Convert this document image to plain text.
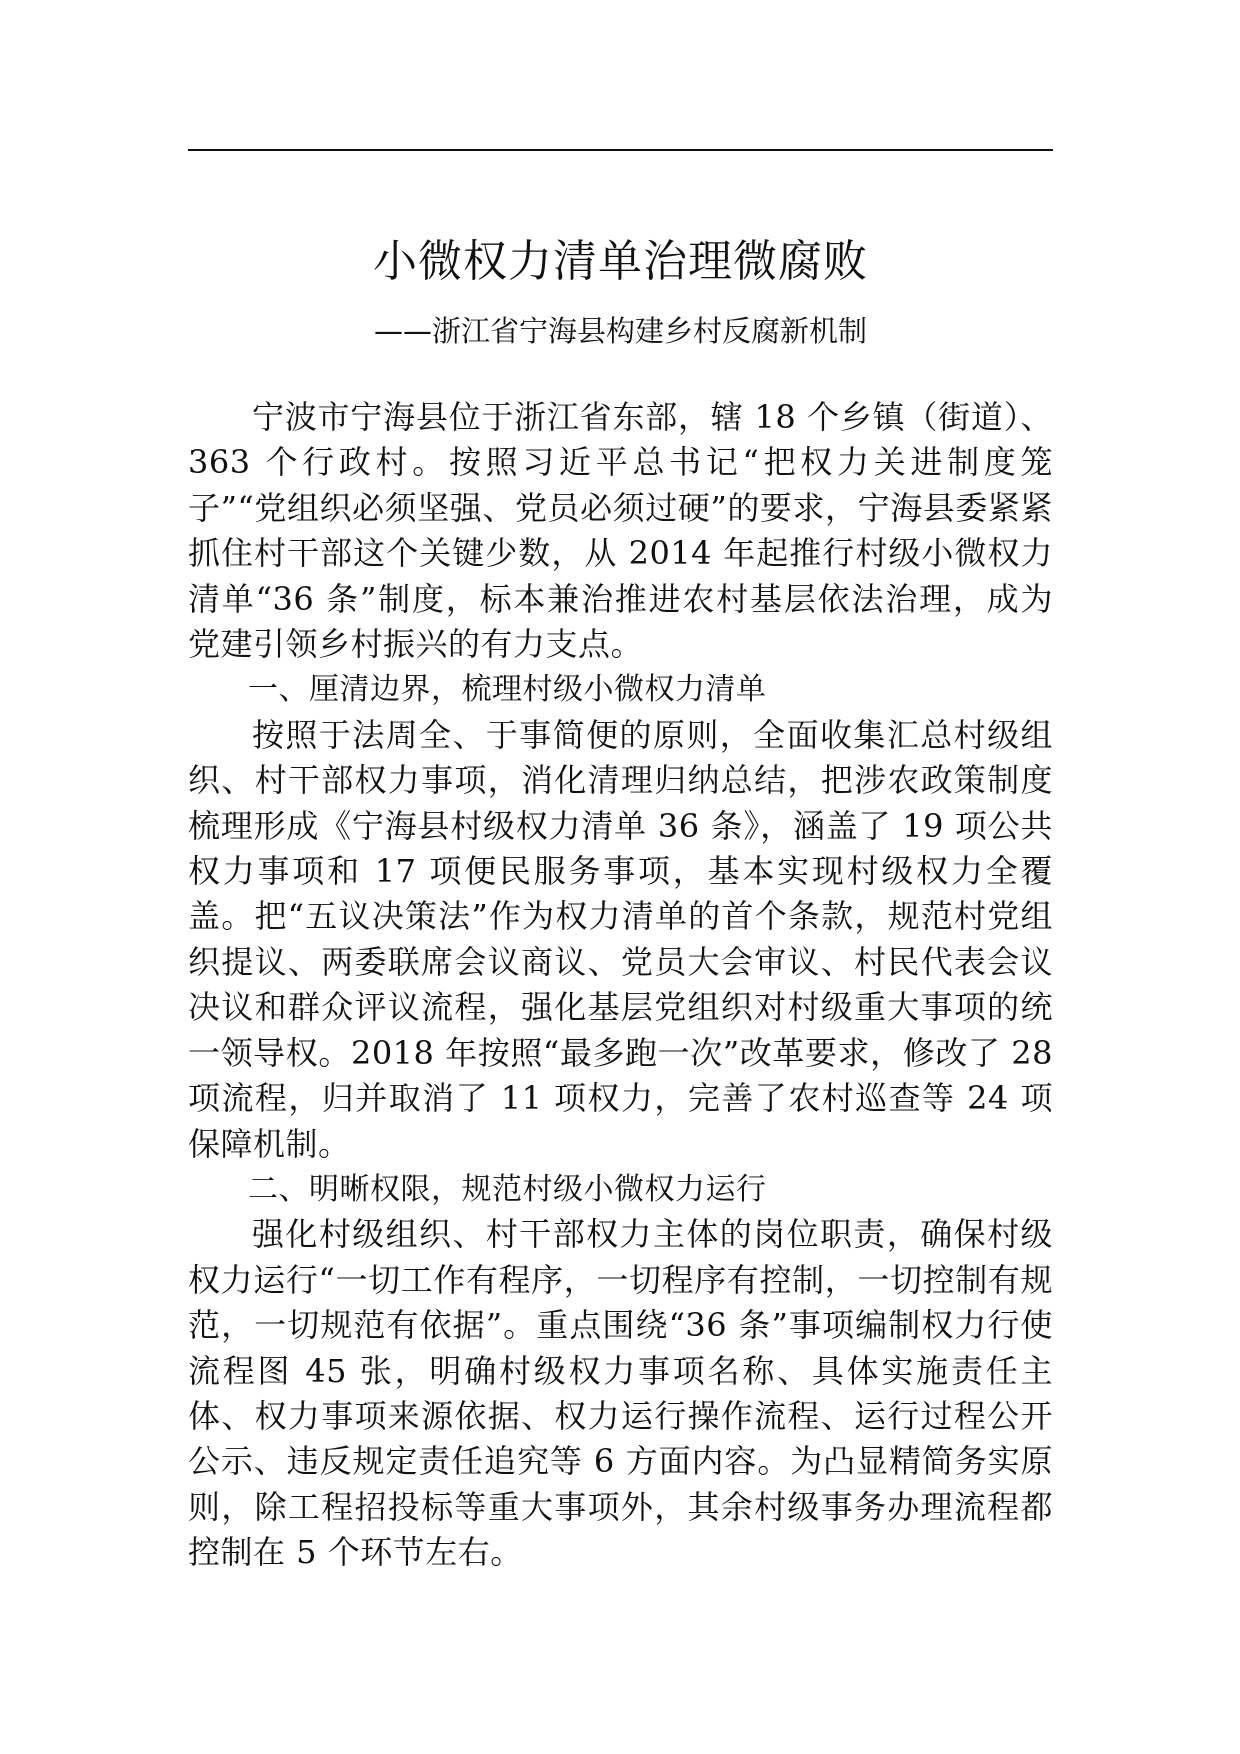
小微权力清单治理微腐败
——浙江省宁海县构建乡村反腐新机制

宁波市宁海县位于浙江省东部，辖 18 个乡镇（街道）、363 个行政村。按照习近平总书记“把权力关进制度笼子”“党组织必须坚强、党员必须过硬”的要求，宁海县委紧紧抓住村干部这个关键少数，从 2014 年起推行村级小微权力清单“36 条”制度，标本兼治推进农村基层依法治理，成为党建引领乡村振兴的有力支点。

一、厘清边界，梳理村级小微权力清单

按照于法周全、于事简便的原则，全面收集汇总村级组织、村干部权力事项，消化清理归纳总结，把涉农政策制度梳理形成《宁海县村级权力清单 36 条》，涵盖了 19 项公共权力事项和 17 项便民服务事项，基本实现村级权力全覆盖。把“五议决策法”作为权力清单的首个条款，规范村党组织提议、两委联席会议商议、党员大会审议、村民代表会议决议和群众评议流程，强化基层党组织对村级重大事项的统一领导权。2018 年按照“最多跑一次”改革要求，修改了 28 项流程，归并取消了 11 项权力，完善了农村巡查等 24 项保障机制。

二、明晰权限，规范村级小微权力运行

强化村级组织、村干部权力主体的岗位职责，确保村级权力运行“一切工作有程序，一切程序有控制，一切控制有规范，一切规范有依据”。重点围绕“36 条”事项编制权力行使流程图 45 张，明确村级权力事项名称、具体实施责任主体、权力事项来源依据、权力运行操作流程、运行过程公开公示、违反规定责任追究等 6 方面内容。为凸显精简务实原则，除工程招投标等重大事项外，其余村级事务办理流程都控制在 5 个环节左右。
